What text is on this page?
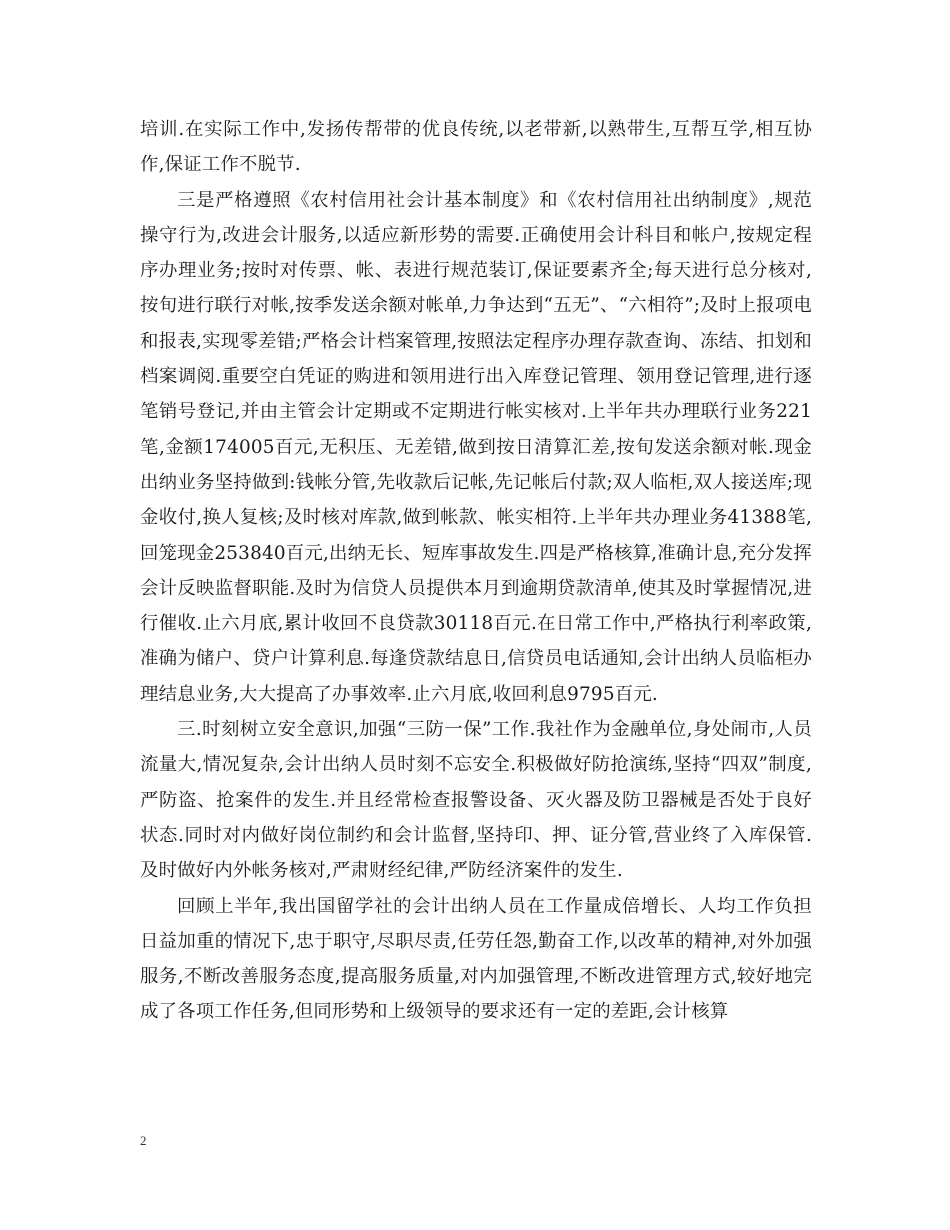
培训.在实际工作中,发扬传帮带的优良传统,以老带新,以熟带生,互帮互学,相互协作,保证工作不脱节.

三是严格遵照《农村信用社会计基本制度》和《农村信用社出纳制度》,规范操守行为,改进会计服务,以适应新形势的需要.正确使用会计科目和帐户,按规定程序办理业务;按时对传票、帐、表进行规范装订,保证要素齐全;每天进行总分核对,按旬进行联行对帐,按季发送余额对帐单,力争达到“五无”、“六相符”;及时上报项电和报表,实现零差错;严格会计档案管理,按照法定程序办理存款查询、冻结、扣划和档案调阅.重要空白凭证的购进和领用进行出入库登记管理、领用登记管理,进行逐笔销号登记,并由主管会计定期或不定期进行帐实核对.上半年共办理联行业务221笔,金额174005百元,无积压、无差错,做到按日清算汇差,按旬发送余额对帐.现金出纳业务坚持做到:钱帐分管,先收款后记帐,先记帐后付款;双人临柜,双人接送库;现金收付,换人复核;及时核对库款,做到帐款、帐实相符.上半年共办理业务41388笔,回笼现金253840百元,出纳无长、短库事故发生.四是严格核算,准确计息,充分发挥会计反映监督职能.及时为信贷人员提供本月到逾期贷款清单,使其及时掌握情况,进行催收.止六月底,累计收回不良贷款30118百元.在日常工作中,严格执行利率政策,准确为储户、贷户计算利息.每逢贷款结息日,信贷员电话通知,会计出纳人员临柜办理结息业务,大大提高了办事效率.止六月底,收回利息9795百元.

三.时刻树立安全意识,加强“三防一保”工作.我社作为金融单位,身处闹市,人员流量大,情况复杂,会计出纳人员时刻不忘安全.积极做好防抢演练,坚持“四双”制度,严防盗、抢案件的发生.并且经常检查报警设备、灭火器及防卫器械是否处于良好状态.同时对内做好岗位制约和会计监督,坚持印、押、证分管,营业终了入库保管.及时做好内外帐务核对,严肃财经纪律,严防经济案件的发生.

回顾上半年,我出国留学社的会计出纳人员在工作量成倍增长、人均工作负担日益加重的情况下,忠于职守,尽职尽责,任劳任怨,勤奋工作,以改革的精神,对外加强服务,不断改善服务态度,提高服务质量,对内加强管理,不断改进管理方式,较好地完成了各项工作任务,但同形势和上级领导的要求还有一定的差距,会计核算

2
